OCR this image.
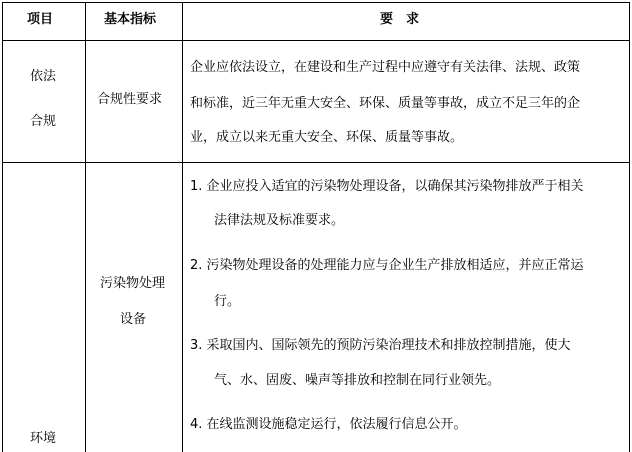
项目	基本指标	要　求
依法
合规
合规性要求
企业应依法设立，在建设和生产过程中应遵守有关法律、法规、政策
和标准，近三年无重大安全、环保、质量等事故，成立不足三年的企
业，成立以来无重大安全、环保、质量等事故。
环境
污染物处理
设备
1. 企业应投入适宜的污染物处理设备，以确保其污染物排放严于相关
法律法规及标准要求。
2. 污染物处理设备的处理能力应与企业生产排放相适应，并应正常运
行。
3. 采取国内、国际领先的预防污染治理技术和排放控制措施，使大
气、水、固废、噪声等排放和控制在同行业领先。
4. 在线监测设施稳定运行，依法履行信息公开。
